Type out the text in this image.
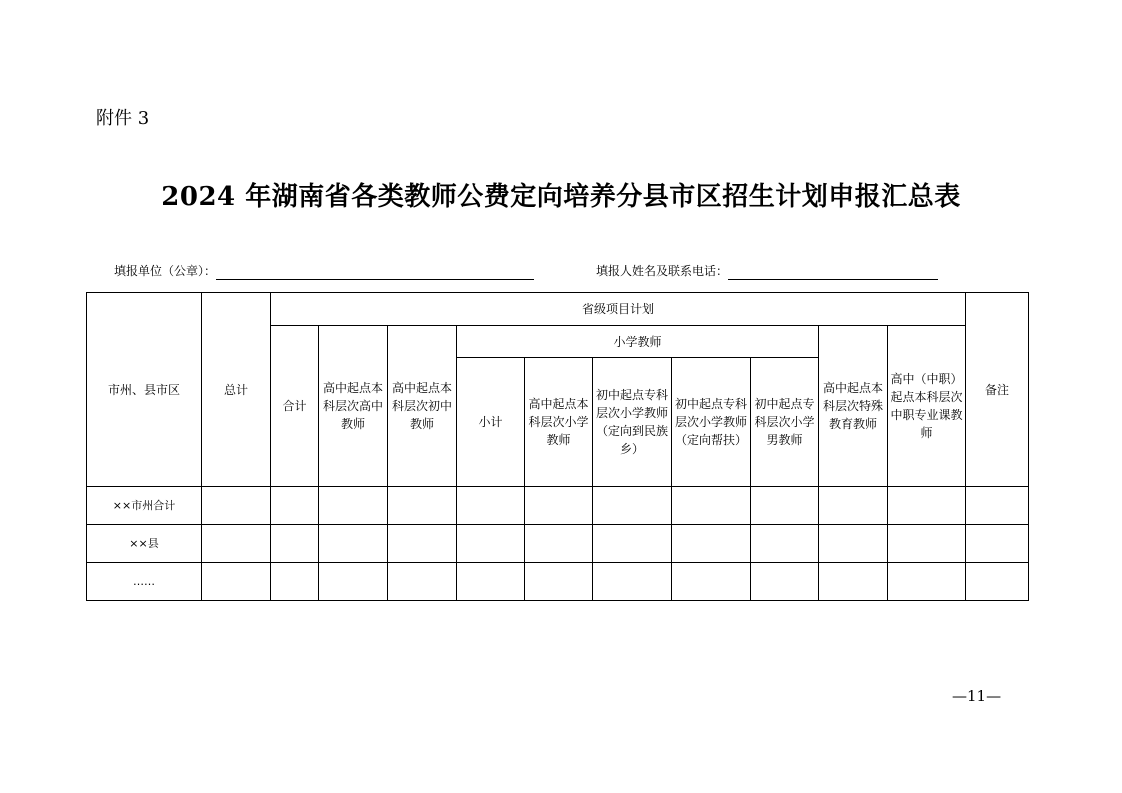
附件 3
2024 年湖南省各类教师公费定向培养分县市区招生计划申报汇总表
填报单位（公章）：	填报人姓名及联系电话：
市州、县市区	总计	省级项目计划										备注
		合计	高中起点本科层次高中教师	高中起点本科层次初中教师	小学教师					高中起点本科层次特殊教育教师	高中（中职）起点本科层次中职专业课教师	
					小计	高中起点本科层次小学教师	初中起点专科层次小学教师（定向到民族乡）	初中起点专科层次小学教师（定向帮扶）	初中起点专科层次小学男教师			
××市州合计												
××县												
……												
—11—
